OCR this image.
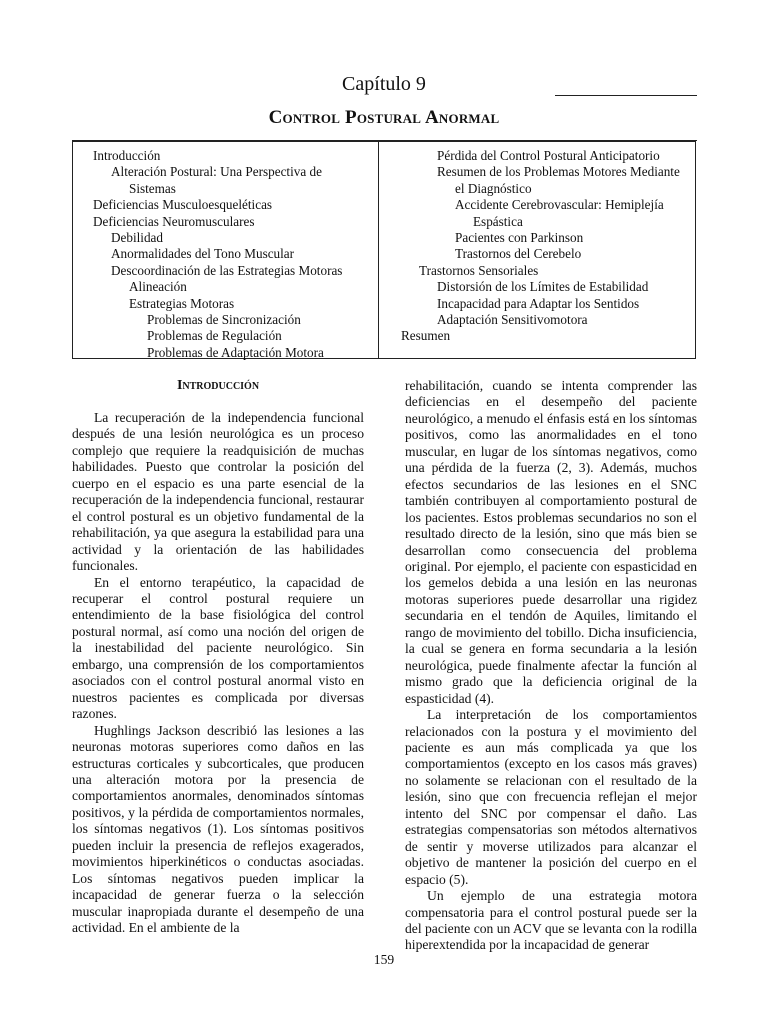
Capítulo 9
Control Postural Anormal
Introducción
Alteración Postural: Una Perspectiva de
Sistemas
Deficiencias Musculoesqueléticas
Deficiencias Neuromusculares
Debilidad
Anormalidades del Tono Muscular
Descoordinación de las Estrategias Motoras
Alineación
Estrategias Motoras
Problemas de Sincronización
Problemas de Regulación
Problemas de Adaptación Motora
Pérdida del Control Postural Anticipatorio
Resumen de los Problemas Motores Mediante
el Diagnóstico
Accidente Cerebrovascular: Hemiplejía
Espástica
Pacientes con Parkinson
Trastornos del Cerebelo
Trastornos Sensoriales
Distorsión de los Límites de Estabilidad
Incapacidad para Adaptar los Sentidos
Adaptación Sensitivomotora
Resumen

Introducción

La recuperación de la independencia funcional después de una lesión neurológica es un proceso complejo que requiere la readquisición de muchas habilidades. Puesto que controlar la posición del cuerpo en el espacio es una parte esencial de la recuperación de la independencia funcional, restaurar el control postural es un objetivo fundamental de la rehabilitación, ya que asegura la estabilidad para una actividad y la orientación de las habilidades funcionales.

En el entorno terapéutico, la capacidad de recuperar el control postural requiere un entendimiento de la base fisiológica del control postural normal, así como una noción del origen de la inestabilidad del paciente neurológico. Sin embargo, una comprensión de los comportamientos asociados con el control postural anormal visto en nuestros pacientes es complicada por diversas razones.

Hughlings Jackson describió las lesiones a las neuronas motoras superiores como daños en las estructuras corticales y subcorticales, que producen una alteración motora por la presencia de comportamientos anormales, denominados síntomas positivos, y la pérdida de comportamientos normales, los síntomas negativos (1). Los síntomas positivos pueden incluir la presencia de reflejos exagerados, movimientos hiperkinéticos o conductas asociadas. Los síntomas negativos pueden implicar la incapacidad de generar fuerza o la selección muscular inapropiada durante el desempeño de una actividad. En el ambiente de la

rehabilitación, cuando se intenta comprender las deficiencias en el desempeño del paciente neurológico, a menudo el énfasis está en los síntomas positivos, como las anormalidades en el tono muscular, en lugar de los síntomas negativos, como una pérdida de la fuerza (2, 3). Además, muchos efectos secundarios de las lesiones en el SNC también contribuyen al comportamiento postural de los pacientes. Estos problemas secundarios no son el resultado directo de la lesión, sino que más bien se desarrollan como consecuencia del problema original. Por ejemplo, el paciente con espasticidad en los gemelos debida a una lesión en las neuronas motoras superiores puede desarrollar una rigidez secundaria en el tendón de Aquiles, limitando el rango de movimiento del tobillo. Dicha insuficiencia, la cual se genera en forma secundaria a la lesión neurológica, puede finalmente afectar la función al mismo grado que la deficiencia original de la espasticidad (4).

La interpretación de los comportamientos relacionados con la postura y el movimiento del paciente es aun más complicada ya que los comportamientos (excepto en los casos más graves) no solamente se relacionan con el resultado de la lesión, sino que con frecuencia reflejan el mejor intento del SNC por compensar el daño. Las estrategias compensatorias son métodos alternativos de sentir y moverse utilizados para alcanzar el objetivo de mantener la posición del cuerpo en el espacio (5).

Un ejemplo de una estrategia motora compensatoria para el control postural puede ser la del paciente con un ACV que se levanta con la rodilla hiperextendida por la incapacidad de generar

159
